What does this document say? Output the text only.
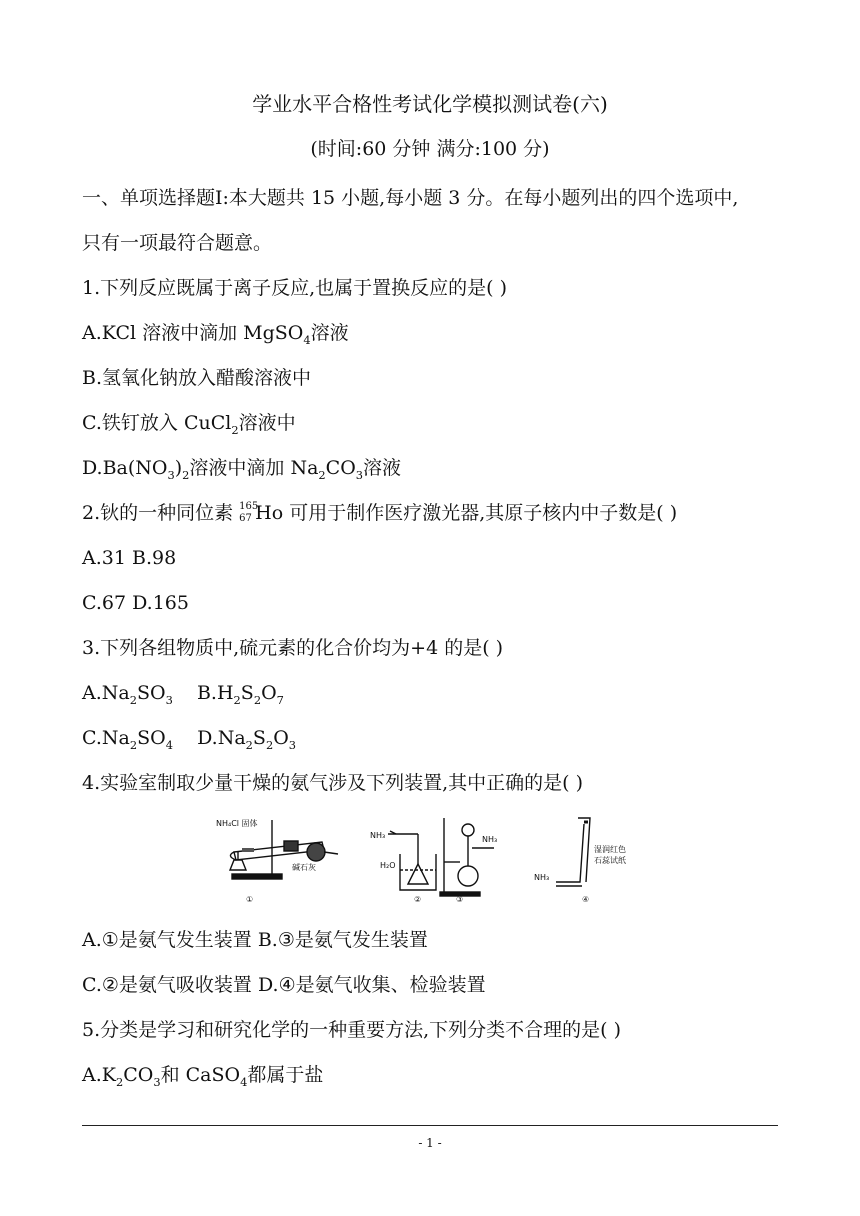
学业水平合格性考试化学模拟测试卷(六)
(时间:60 分钟 满分:100 分)
一、单项选择题Ⅰ:本大题共 15 小题,每小题 3 分。在每小题列出的四个选项中,
只有一项最符合题意。
1.下列反应既属于离子反应,也属于置换反应的是( )
A.KCl 溶液中滴加 MgSO$_4$溶液
B.氢氧化钠放入醋酸溶液中
C.铁钉放入 CuCl$_2$溶液中
$D.Ba(NO_3)_2$溶液中滴加 $Na_2CO_3$溶液
2.钬的一种同位素 165
67 Ho 可用于制作医疗激光器,其原子核内中子数是( )
A.31 B.98
C.67 D.165
3.下列各组物质中,硫元素的化合价均为+4 的是( )
$A.Na_2SO_3$    $B.H_2S_2O_7$
$C.Na_2SO_4$    $D.Na_2S_2O_3$
4.实验室制取少量干燥的氨气涉及下列装置,其中正确的是( )
NH₄Cl 固体
碱石灰
①
NH₃
H₂O
②
NH₃
③
NH₃
湿润红色
石蕊试纸
④
A.①是氨气发生装置 B.③是氨气发生装置
C.②是氨气吸收装置 D.④是氨气收集、检验装置
5.分类是学习和研究化学的一种重要方法,下列分类不合理的是( )
$A.K_2CO_3$和 CaSO$_4$都属于盐
- 1 -
